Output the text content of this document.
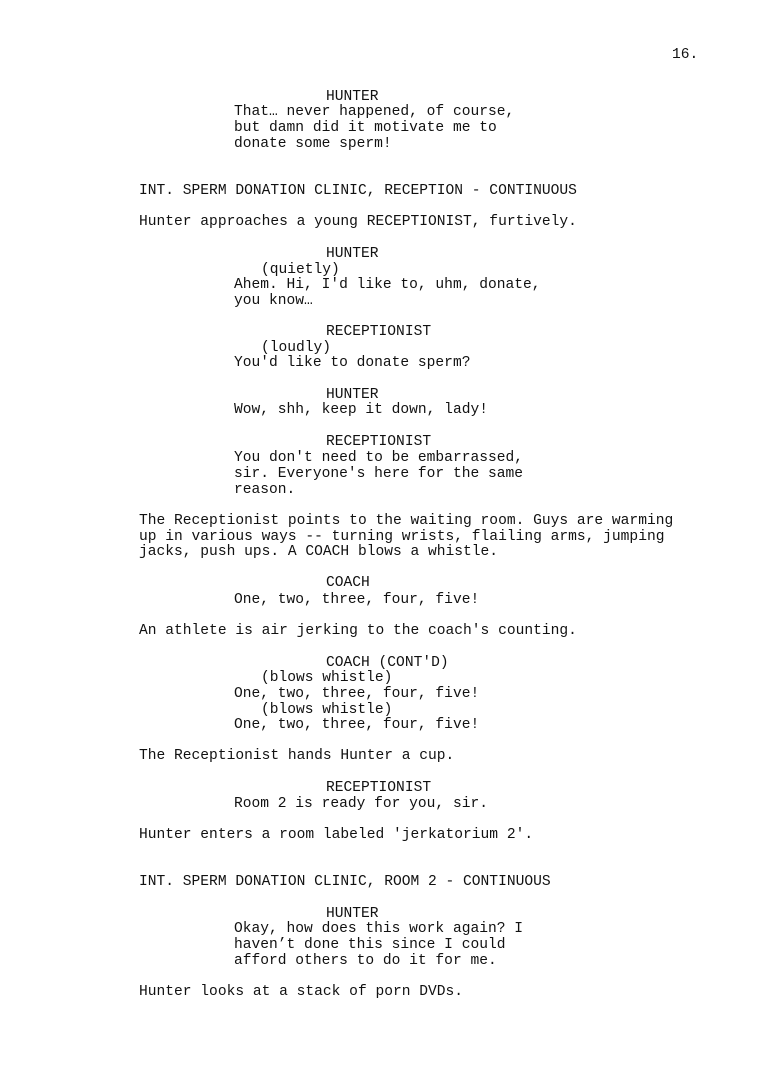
16.
HUNTER
That… never happened, of course,
but damn did it motivate me to
donate some sperm!
INT. SPERM DONATION CLINIC, RECEPTION - CONTINUOUS
Hunter approaches a young RECEPTIONIST, furtively.
HUNTER
(quietly)
Ahem. Hi, I'd like to, uhm, donate,
you know…
RECEPTIONIST
(loudly)
You'd like to donate sperm?
HUNTER
Wow, shh, keep it down, lady!
RECEPTIONIST
You don't need to be embarrassed,
sir. Everyone's here for the same
reason.
The Receptionist points to the waiting room. Guys are warming
up in various ways -- turning wrists, flailing arms, jumping
jacks, push ups. A COACH blows a whistle.
COACH
One, two, three, four, five!
An athlete is air jerking to the coach's counting.
COACH (CONT'D)
(blows whistle)
One, two, three, four, five!
(blows whistle)
One, two, three, four, five!
The Receptionist hands Hunter a cup.
RECEPTIONIST
Room 2 is ready for you, sir.
Hunter enters a room labeled 'jerkatorium 2'.
INT. SPERM DONATION CLINIC, ROOM 2 - CONTINUOUS
HUNTER
Okay, how does this work again? I
haven’t done this since I could
afford others to do it for me.
Hunter looks at a stack of porn DVDs.
